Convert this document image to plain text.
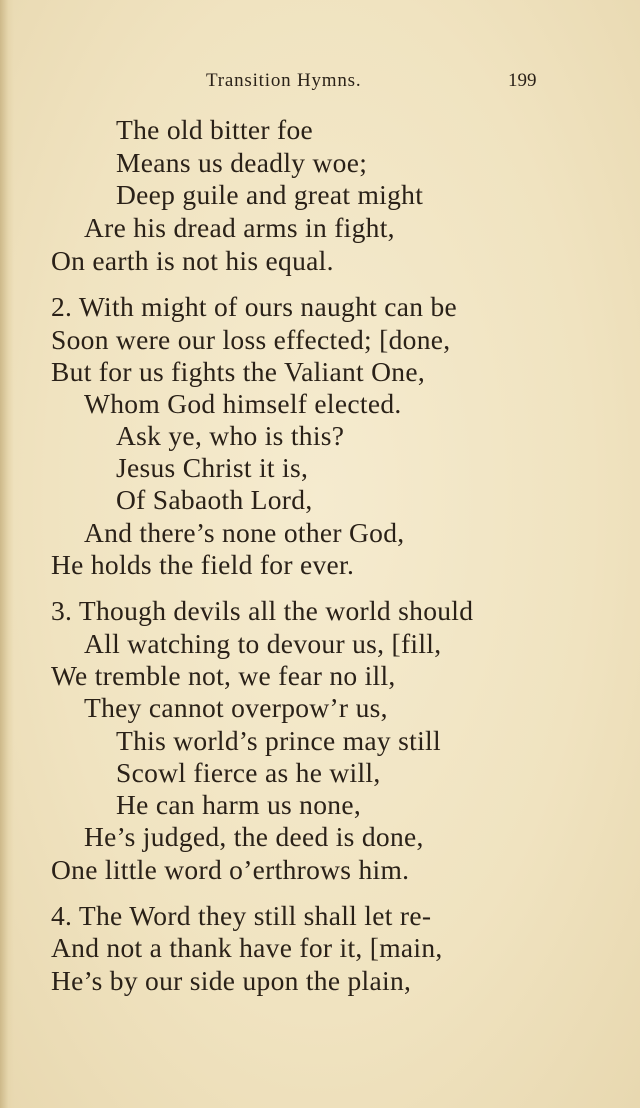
Transition Hymns.	199
The old bitter foe
Means us deadly woe;
Deep guile and great might
Are his dread arms in fight,
On earth is not his equal.
2. With might of ours naught can be
Soon were our loss effected; [done,
But for us fights the Valiant One,
Whom God himself elected.
Ask ye, who is this?
Jesus Christ it is,
Of Sabaoth Lord,
And there’s none other God,
He holds the field for ever.
3. Though devils all the world should
All watching to devour us, [fill,
We tremble not, we fear no ill,
They cannot overpow’r us,
This world’s prince may still
Scowl fierce as he will,
He can harm us none,
He’s judged, the deed is done,
One little word o’erthrows him.
4. The Word they still shall let re-
And not a thank have for it, [main,
He’s by our side upon the plain,
